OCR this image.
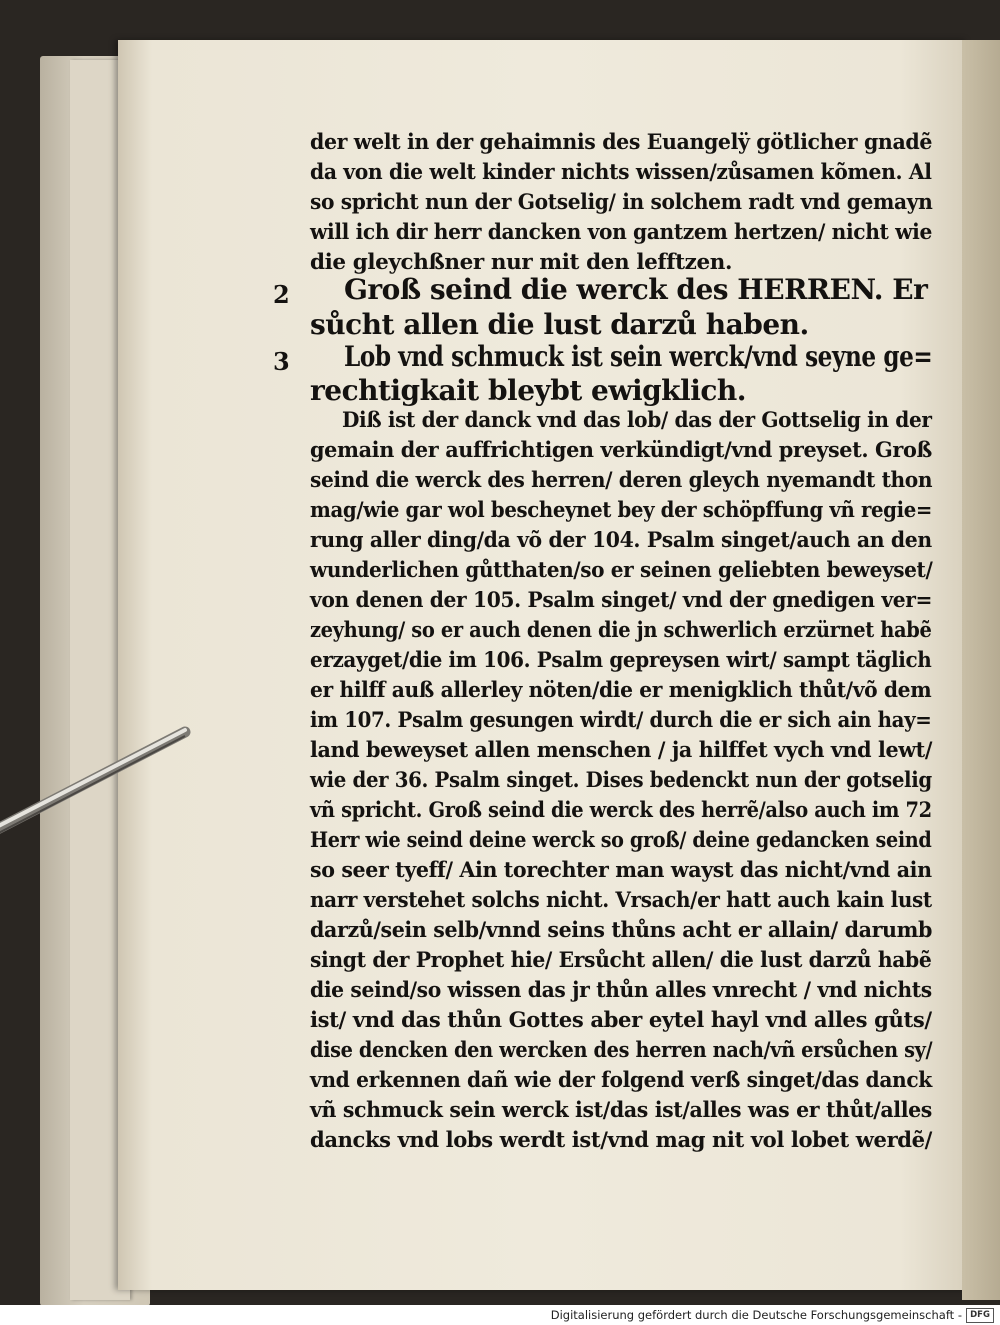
2
3
der welt in der gehaimnis des Euangelÿ götlicher gnadẽ
da von die welt kinder nichts wissen/zůsamen kõmen. Al
so spricht nun der Gotselig/ in solchem radt vnd gemayn
will ich dir herr dancken von gantzem hertzen/ nicht wie
die gleychßner nur mit den lefftzen.
Groß seind die werck des HERREN. Er
sůcht allen die lust darzů haben.
Lob vnd schmuck ist sein werck/vnd seyne ge=
rechtigkait bleybt ewigklich.
Diß ist der danck vnd das lob/ das der Gottselig in der
gemain der auffrichtigen verkündigt/vnd preyset. Groß
seind die werck des herren/ deren gleych nyemandt thon
mag/wie gar wol bescheynet bey der schöpffung vñ regie=
rung aller ding/da võ der 104. Psalm singet/auch an den
wunderlichen gůtthaten/so er seinen geliebten beweyset/
von denen der 105. Psalm singet/ vnd der gnedigen ver=
zeyhung/ so er auch denen die jn schwerlich erzürnet habẽ
erzayget/die im 106. Psalm gepreysen wirt/ sampt täglich
er hilff auß allerley nöten/die er menigklich thůt/võ dem
im 107. Psalm gesungen wirdt/ durch die er sich ain hay=
land beweyset allen menschen / ja hilffet vych vnd lewt/
wie der 36. Psalm singet. Dises bedenckt nun der gotselig
vñ spricht. Groß seind die werck des herrẽ/also auch im 72
Herr wie seind deine werck so groß/ deine gedancken seind
so seer tyeff/ Ain torechter man wayst das nicht/vnd ain
narr verstehet solchs nicht. Vrsach/er hatt auch kain lust
darzů/sein selb/vnnd seins thůns acht er allain/ darumb
singt der Prophet hie/ Ersůcht allen/ die lust darzů habẽ
die seind/so wissen das jr thůn alles vnrecht / vnd nichts
ist/ vnd das thůn Gottes aber eytel hayl vnd alles gůts/
dise dencken den wercken des herren nach/vñ ersůchen sy/
vnd erkennen dañ wie der folgend verß singet/das danck
vñ schmuck sein werck ist/das ist/alles was er thůt/alles
dancks vnd lobs werdt ist/vnd mag nit vol lobet werdẽ/
Digitalisierung gefördert durch die Deutsche Forschungsgemeinschaft - DFG
